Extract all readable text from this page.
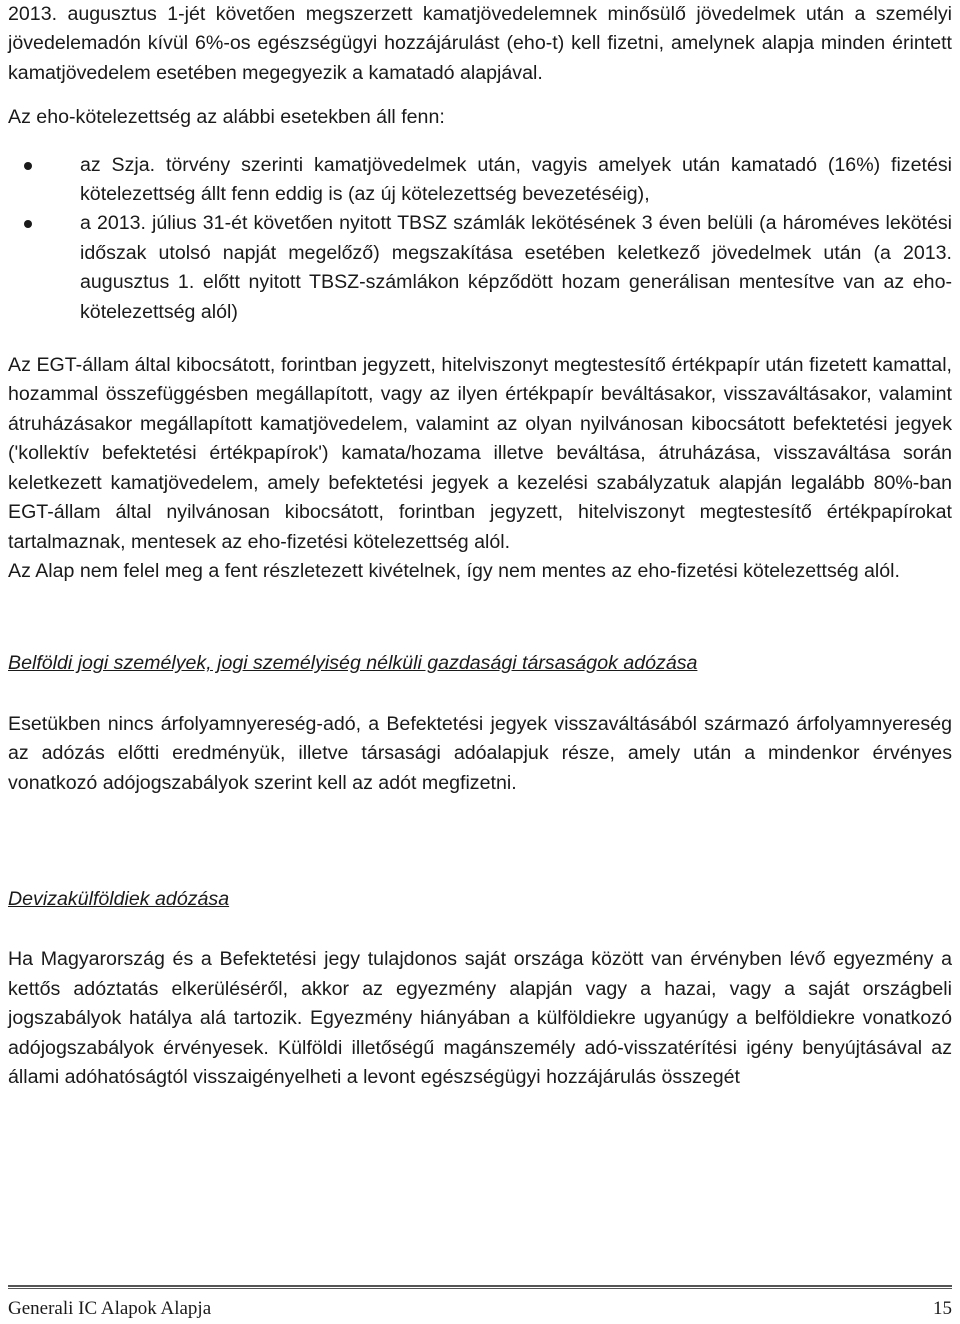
2013. augusztus 1-jét követően megszerzett kamatjövedelemnek minősülő jövedelmek után a személyi jövedelemadón kívül 6%-os egészségügyi hozzájárulást (eho-t) kell fizetni, amelynek alapja minden érintett kamatjövedelem esetében megegyezik a kamatadó alapjával.

Az eho-kötelezettség az alábbi esetekben áll fenn:

az Szja. törvény szerinti kamatjövedelmek után, vagyis amelyek után kamatadó (16%) fizetési kötelezettség állt fenn eddig is (az új kötelezettség bevezetéséig),
a 2013. július 31-ét követően nyitott TBSZ számlák lekötésének 3 éven belüli (a hároméves lekötési időszak utolsó napját megelőző) megszakítása esetében keletkező jövedelmek után (a 2013. augusztus 1. előtt nyitott TBSZ-számlákon képződött hozam generálisan mentesítve van az eho-kötelezettség alól)

Az EGT-állam által kibocsátott, forintban jegyzett, hitelviszonyt megtestesítő értékpapír után fizetett kamattal, hozammal összefüggésben megállapított, vagy az ilyen értékpapír beváltásakor, visszaváltásakor, valamint átruházásakor megállapított kamatjövedelem, valamint az olyan nyilvánosan kibocsátott befektetési jegyek ('kollektív befektetési értékpapírok') kamata/hozama illetve beváltása, átruházása, visszaváltása során keletkezett kamatjövedelem, amely befektetési jegyek a kezelési szabályzatuk alapján legalább 80%-ban EGT-állam által nyilvánosan kibocsátott, forintban jegyzett, hitelviszonyt megtestesítő értékpapírokat tartalmaznak, mentesek az eho-fizetési kötelezettség alól.

Az Alap nem felel meg a fent részletezett kivételnek, így nem mentes az eho-fizetési kötelezettség alól.

Belföldi jogi személyek, jogi személyiség nélküli gazdasági társaságok adózása

Esetükben nincs árfolyamnyereség-adó, a Befektetési jegyek visszaváltásából származó árfolyamnyereség az adózás előtti eredményük, illetve társasági adóalapjuk része, amely után a mindenkor érvényes vonatkozó adójogszabályok szerint kell az adót megfizetni.

Devizakülföldiek adózása

Ha Magyarország és a Befektetési jegy tulajdonos saját országa között van érvényben lévő egyezmény a kettős adóztatás elkerüléséről, akkor az egyezmény alapján vagy a hazai, vagy a saját országbeli jogszabályok hatálya alá tartozik. Egyezmény hiányában a külföldiekre ugyanúgy a belföldiekre vonatkozó adójogszabályok érvényesek. Külföldi illetőségű magánszemély adó-visszatérítési igény benyújtásával az állami adóhatóságtól visszaigényelheti a levont egészségügyi hozzájárulás összegét

Generali IC Alapok Alapja	15
